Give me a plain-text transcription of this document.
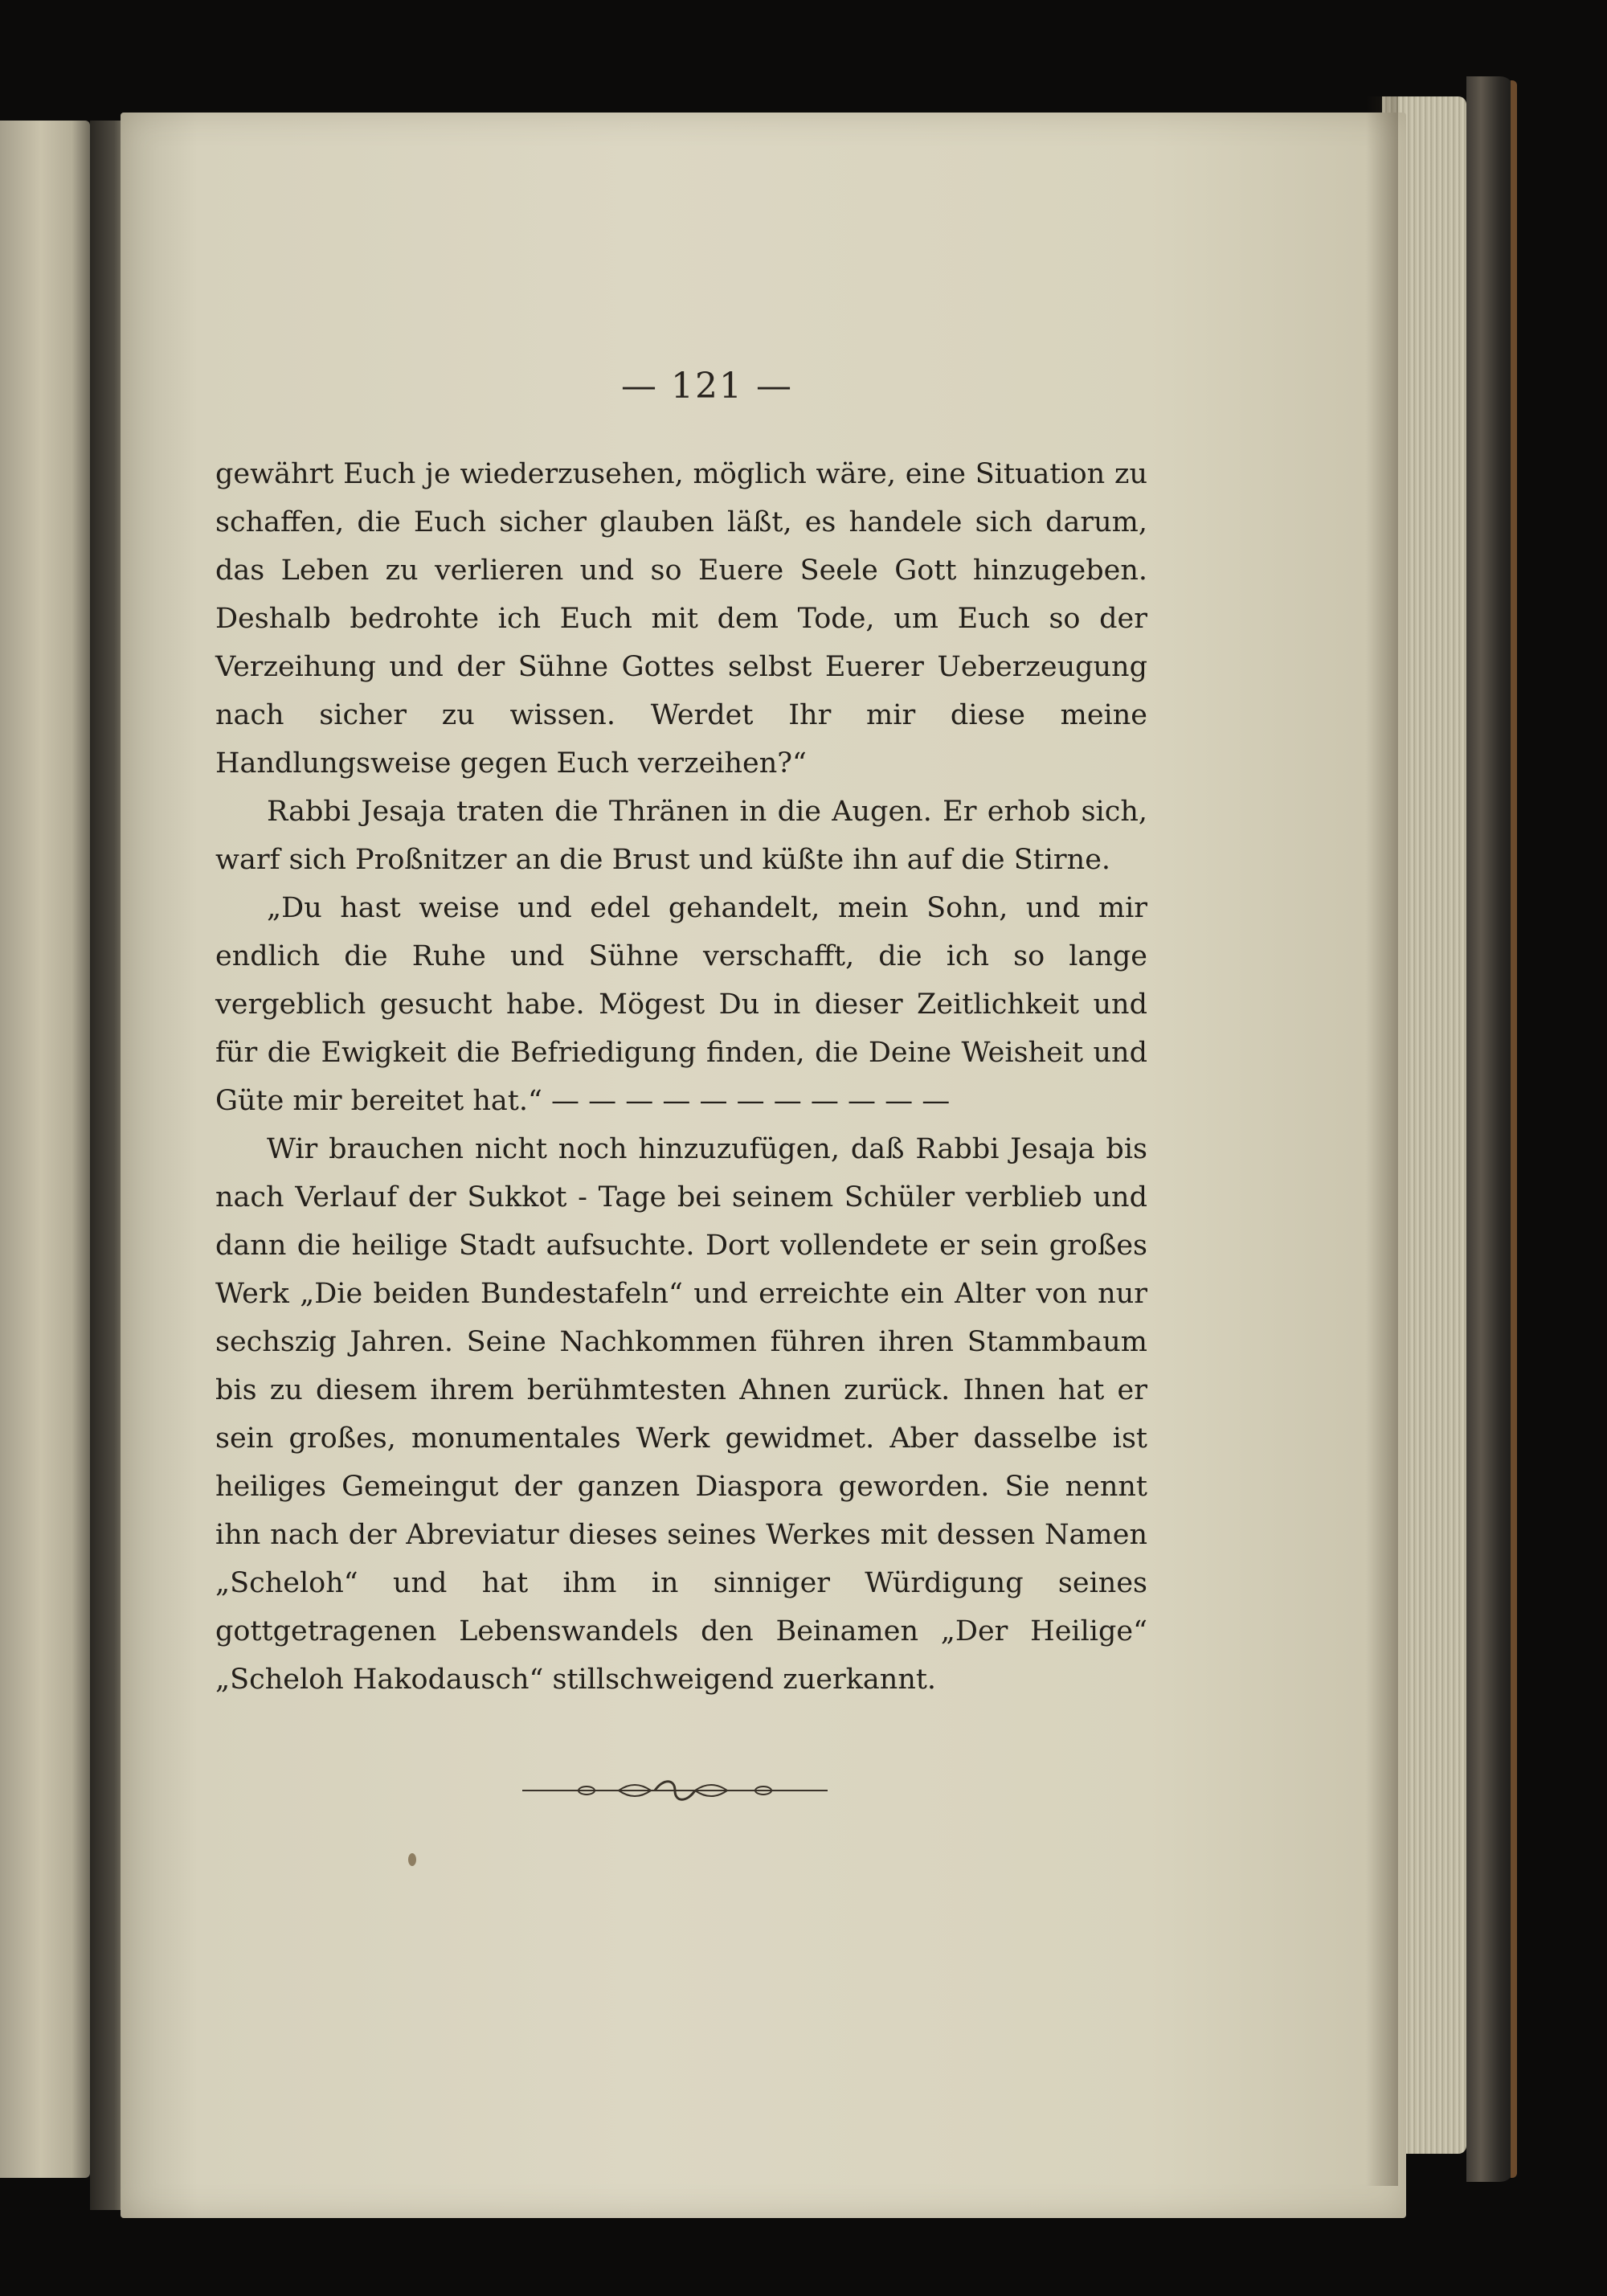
— 121 —

gewährt Euch je wiederzusehen, möglich wäre, eine Situation zu schaffen, die Euch sicher glauben läßt, es handele sich darum, das Leben zu verlieren und so Euere Seele Gott hinzugeben. Deshalb bedrohte ich Euch mit dem Tode, um Euch so der Verzeihung und der Sühne Gottes selbst Euerer Ueberzeugung nach sicher zu wissen. Werdet Ihr mir diese meine Handlungsweise gegen Euch verzeihen?“

Rabbi Jesaja traten die Thränen in die Augen. Er erhob sich, warf sich Proßnitzer an die Brust und küßte ihn auf die Stirne.

„Du hast weise und edel gehandelt, mein Sohn, und mir endlich die Ruhe und Sühne verschafft, die ich so lange vergeblich gesucht habe. Mögest Du in dieser Zeitlichkeit und für die Ewigkeit die Befriedigung finden, die Deine Weisheit und Güte mir bereitet hat.“ — — — — — — — — — — —

Wir brauchen nicht noch hinzuzufügen, daß Rabbi Jesaja bis nach Verlauf der Sukkot - Tage bei seinem Schüler verblieb und dann die heilige Stadt aufsuchte. Dort vollendete er sein großes Werk „Die beiden Bundestafeln“ und erreichte ein Alter von nur sechszig Jahren. Seine Nachkommen führen ihren Stammbaum bis zu diesem ihrem berühmtesten Ahnen zurück. Ihnen hat er sein großes, monumentales Werk gewidmet. Aber dasselbe ist heiliges Gemeingut der ganzen Diaspora geworden. Sie nennt ihn nach der Abreviatur dieses seines Werkes mit dessen Namen „Scheloh“ und hat ihm in sinniger Würdigung seines gottgetragenen Lebenswandels den Beinamen „Der Heilige“ „Scheloh Hakodausch“ stillschweigend zuerkannt.
